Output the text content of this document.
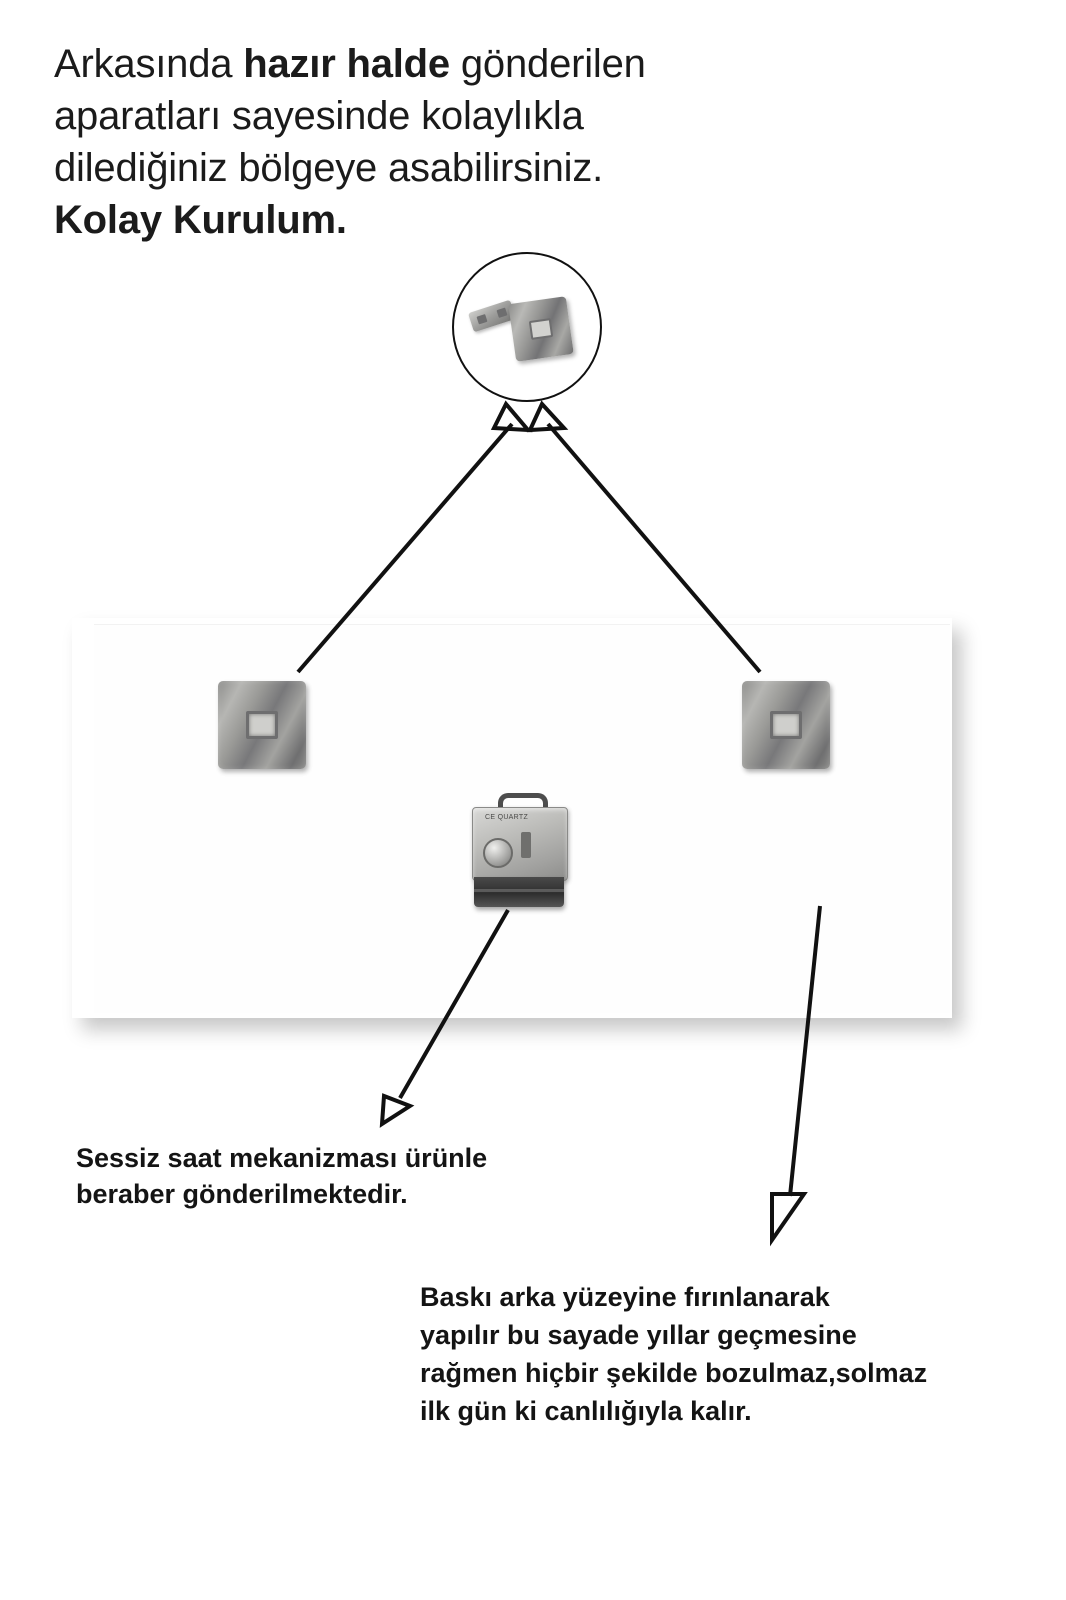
Arkasında hazır halde gönderilen
aparatları sayesinde kolaylıkla
dilediğiniz bölgeye asabilirsiniz.
Kolay Kurulum.
CE QUARTZ
Sessiz saat mekanizması ürünle
beraber gönderilmektedir.
Baskı arka yüzeyine fırınlanarak
yapılır bu sayade yıllar geçmesine
rağmen hiçbir şekilde bozulmaz,solmaz
ilk gün ki canlılığıyla kalır.
